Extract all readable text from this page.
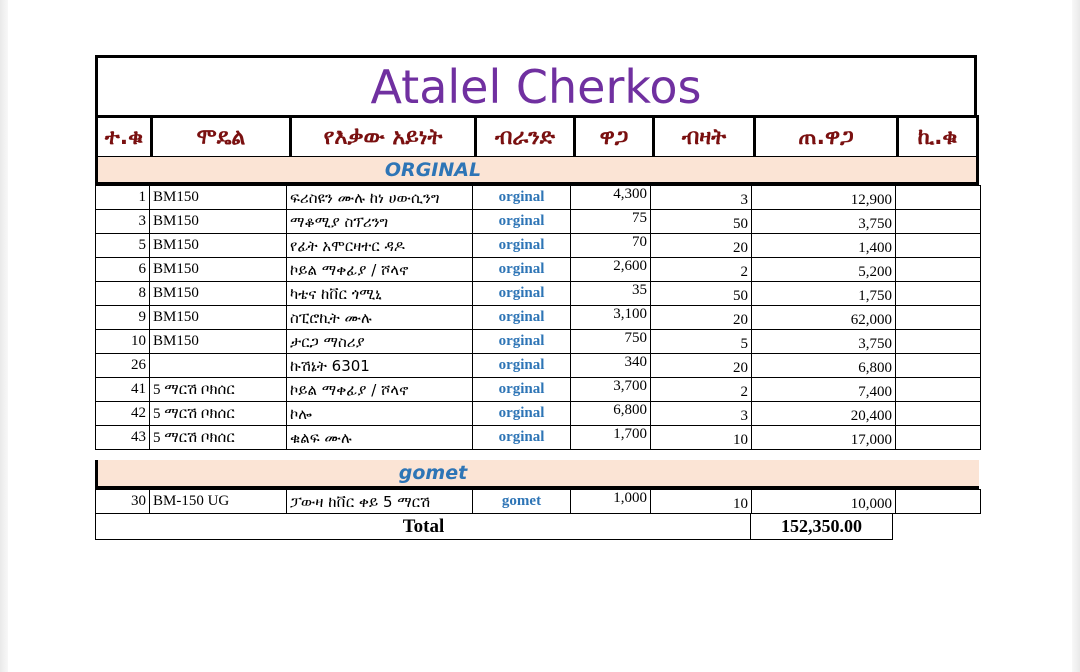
Atalel Cherkos
ተ.ቁ	ሞዴል	የእቃው አይነት	ብራንድ	ዋጋ	ብዛት	ጠ.ዋጋ	ኪ.ቁ
ORGINAL
1	BM150	ፍሪስዩን ሙሉ ከነ ሀውሲንግ	orginal	4,300	3	12,900	
3	BM150	ማቆሚያ ስፕሪንግ	orginal	75	50	3,750	
5	BM150	የፊት አሞርዛተር ዳዶ	orginal	70	20	1,400	
6	BM150	ኮይል ማቀፊያ / ሾላኖ	orginal	2,600	2	5,200	
8	BM150	ካቴና ከቨር ጎሚኒ	orginal	35	50	1,750	
9	BM150	ስፒሮኪት ሙሉ	orginal	3,100	20	62,000	
10	BM150	ታርጋ ማስሪያ	orginal	750	5	3,750	
26		ኩሽኔት 6301	orginal	340	20	6,800	
41	5 ማርሽ ቦክሰር	ኮይል ማቀፊያ / ሾላኖ	orginal	3,700	2	7,400	
42	5 ማርሽ ቦክሰር	ኮሎ	orginal	6,800	3	20,400	
43	5 ማርሽ ቦክሰር	ቁልፍ ሙሉ	orginal	1,700	10	17,000	
gomet
30	BM-150 UG	ፓውዛ ከቨር ቀይ 5 ማርሽ	gomet	1,000	10	10,000	
Total	152,350.00
